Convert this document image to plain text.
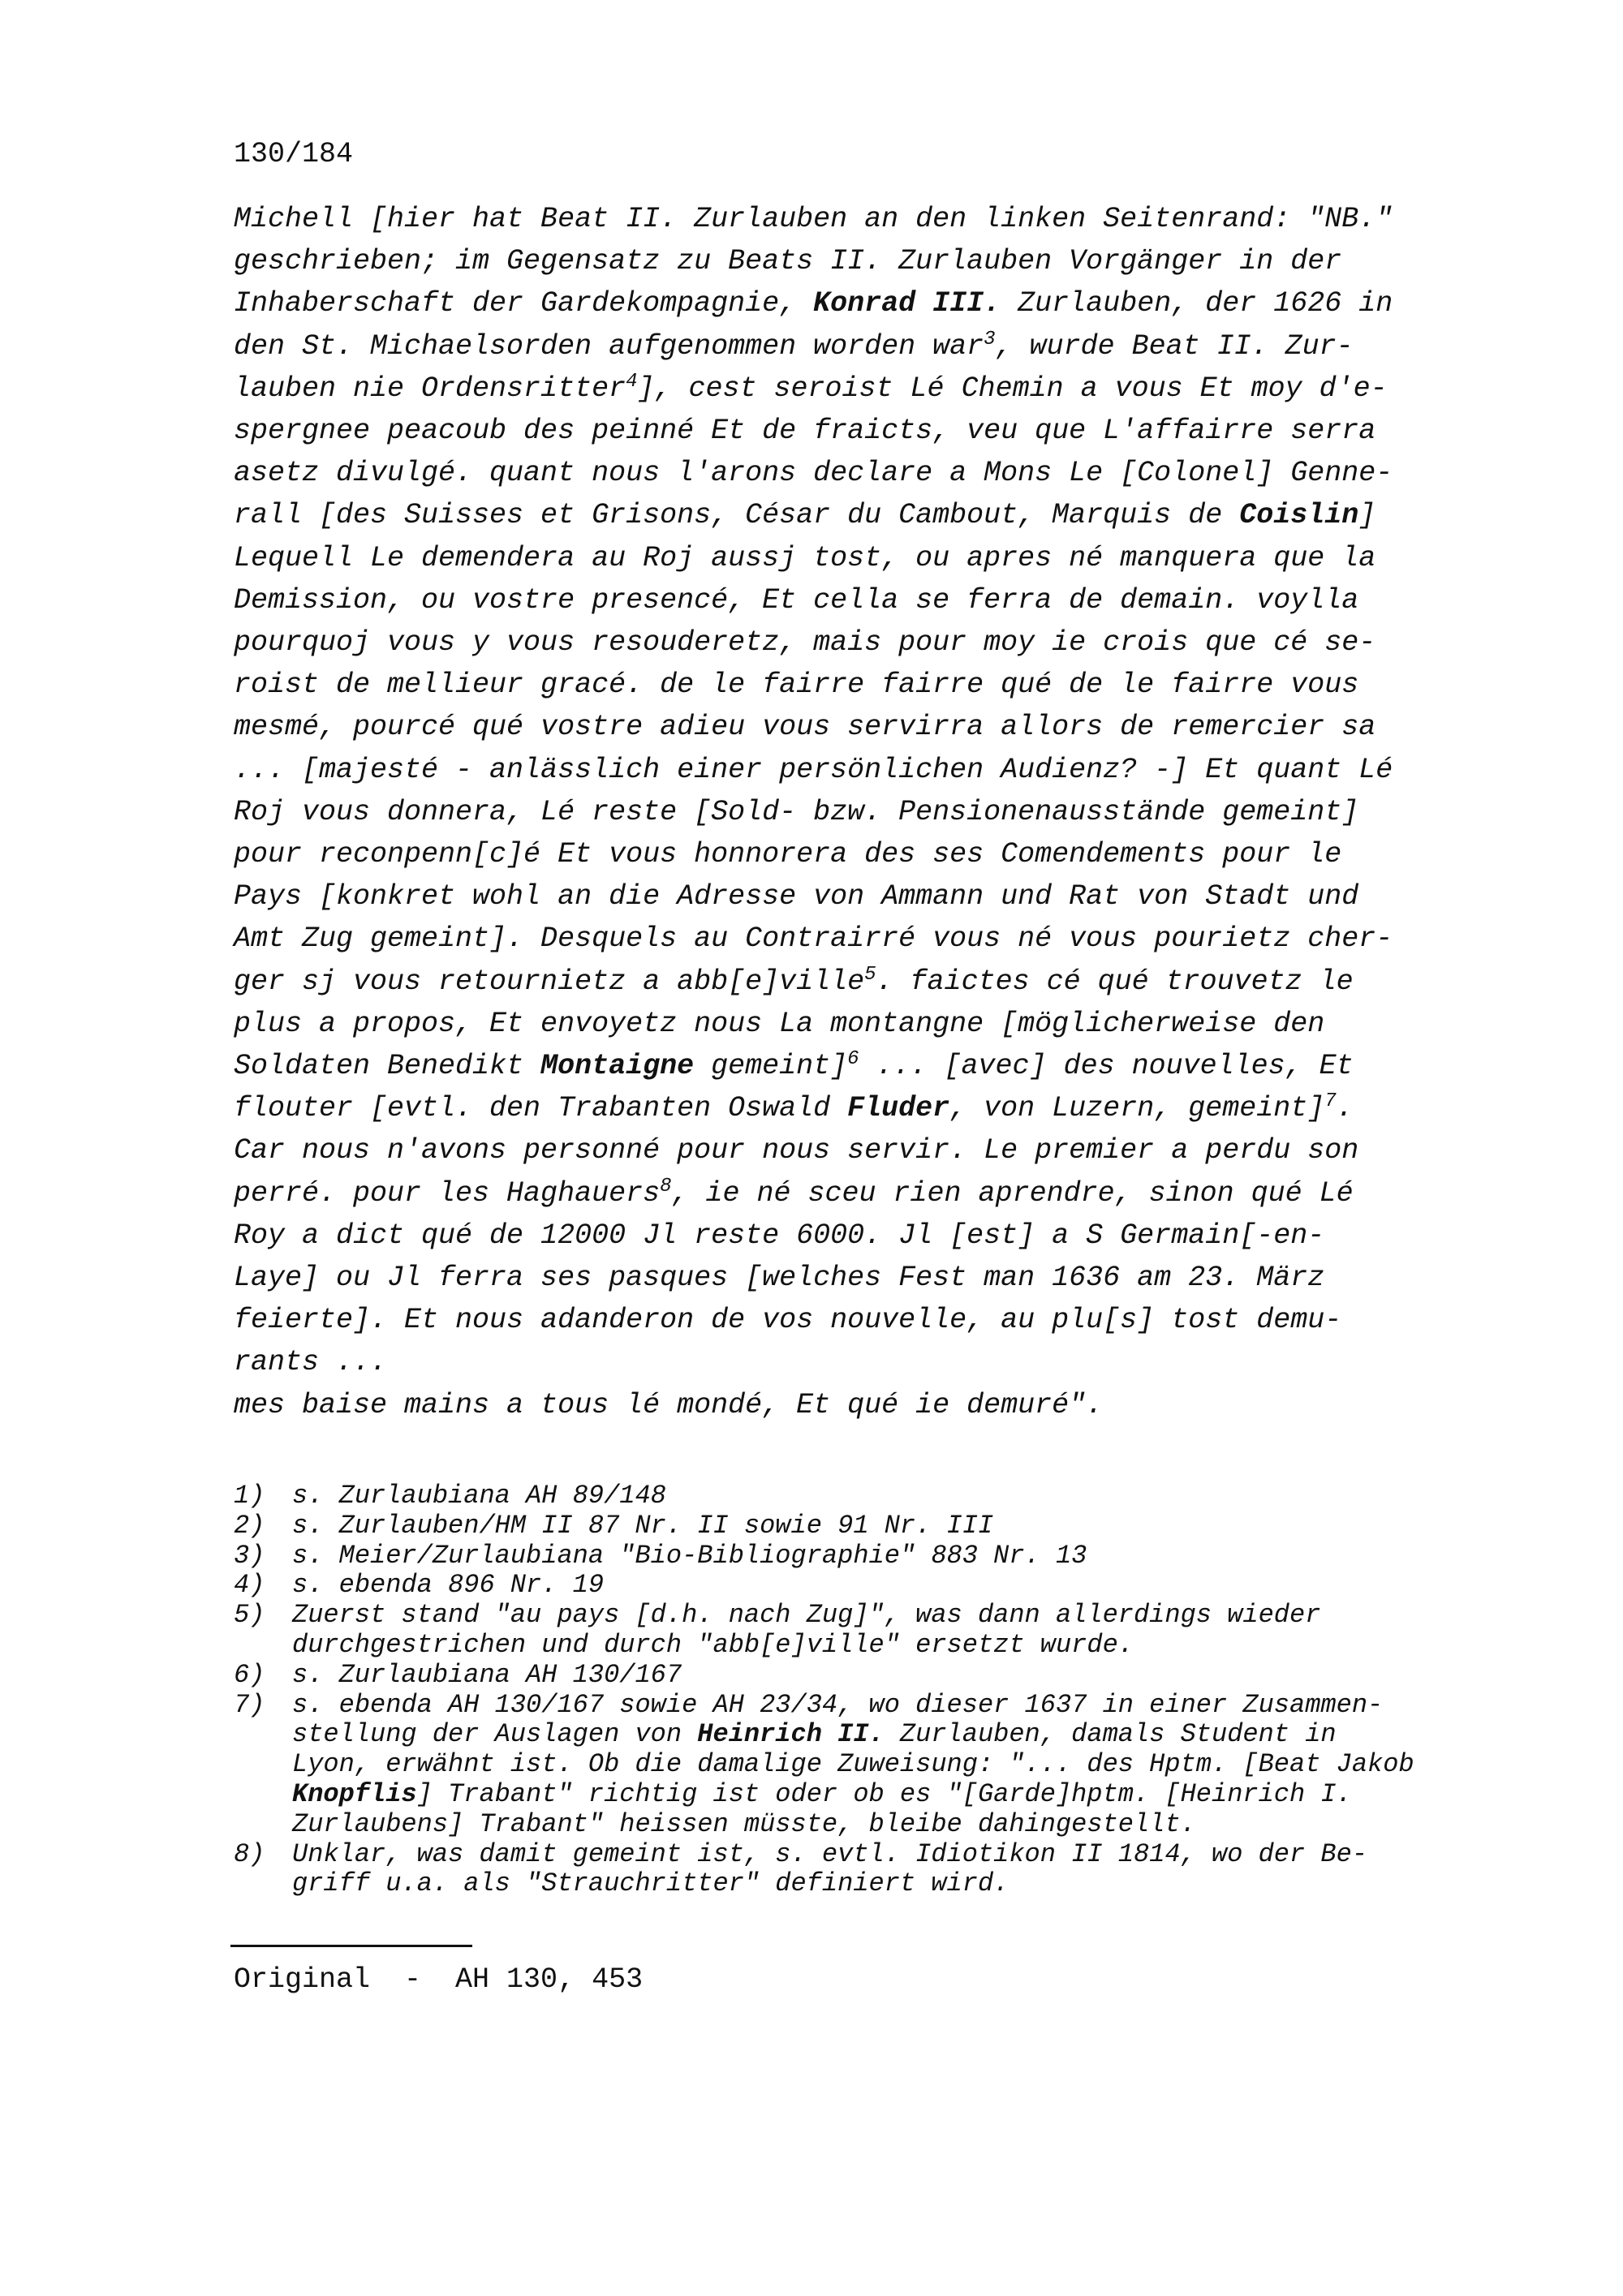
130/184
Michell [hier hat Beat II. Zurlauben an den linken Seitenrand: "NB."
geschrieben; im Gegensatz zu Beats II. Zurlauben Vorgänger in der
Inhaberschaft der Gardekompagnie, Konrad III. Zurlauben, der 1626 in
den St. Michaelsorden aufgenommen worden war$^3$, wurde Beat II. Zur-
lauben nie Ordensritter$^4$], cest seroist Lé Chemin a vous Et moy d'e-
spergnee peacoub des peinné Et de fraicts, veu que L'affairre serra
asetz divulgé. quant nous l'arons declare a Mons Le [Colonel] Genne-
rall [des Suisses et Grisons, César du Cambout, Marquis de Coislin]
Lequell Le demendera au Roj aussj tost, ou apres né manquera que la
Demission, ou vostre presencé, Et cella se ferra de demain. voylla
pourquoj vous y vous resouderetz, mais pour moy ie crois que cé se-
roist de mellieur gracé. de le fairre fairre qué de le fairre vous
mesmé, pourcé qué vostre adieu vous servirra allors de remercier sa
... [majesté - anlässlich einer persönlichen Audienz? -] Et quant Lé
Roj vous donnera, Lé reste [Sold- bzw. Pensionenausstände gemeint]
pour reconpenn[c]é Et vous honnorera des ses Comendements pour le
Pays [konkret wohl an die Adresse von Ammann und Rat von Stadt und
Amt Zug gemeint]. Desquels au Contrairré vous né vous pourietz cher-
ger sj vous retournietz a abb[e]ville$^5$. faictes cé qué trouvetz le
plus a propos, Et envoyetz nous La montangne [möglicherweise den
Soldaten Benedikt Montaigne gemeint]$^6$ ... [avec] des nouvelles, Et
flouter [evtl. den Trabanten Oswald Fluder, von Luzern, gemeint]$^7$.
Car nous n'avons personné pour nous servir. Le premier a perdu son
perré. pour les Haghauers$^8$, ie né sceu rien aprendre, sinon qué Lé
Roy a dict qué de 12000 Jl reste 6000. Jl [est] a S Germain[-en-
Laye] ou Jl ferra ses pasques [welches Fest man 1636 am 23. März
feierte]. Et nous adanderon de vos nouvelle, au plu[s] tost demu-
rants ...
mes baise mains a tous lé mondé, Et qué ie demuré".
1)	s. Zurlaubiana AH 89/148
2)	s. Zurlauben/HM II 87 Nr. II sowie 91 Nr. III
3)	s. Meier/Zurlaubiana "Bio-Bibliographie" 883 Nr. 13
4)	s. ebenda 896 Nr. 19
5)	Zuerst stand "au pays [d.h. nach Zug]", was dann allerdings wieder
durchgestrichen und durch "abb[e]ville" ersetzt wurde.
6)	s. Zurlaubiana AH 130/167
7)	s. ebenda AH 130/167 sowie AH 23/34, wo dieser 1637 in einer Zusammen-
stellung der Auslagen von Heinrich II. Zurlauben, damals Student in
Lyon, erwähnt ist. Ob die damalige Zuweisung: "... des Hptm. [Beat Jakob
Knopflis] Trabant" richtig ist oder ob es "[Garde]hptm. [Heinrich I.
Zurlaubens] Trabant" heissen müsste, bleibe dahingestellt.
8)	Unklar, was damit gemeint ist, s. evtl. Idiotikon II 1814, wo der Be-
griff u.a. als "Strauchritter" definiert wird.
Original  -  AH 130, 453
